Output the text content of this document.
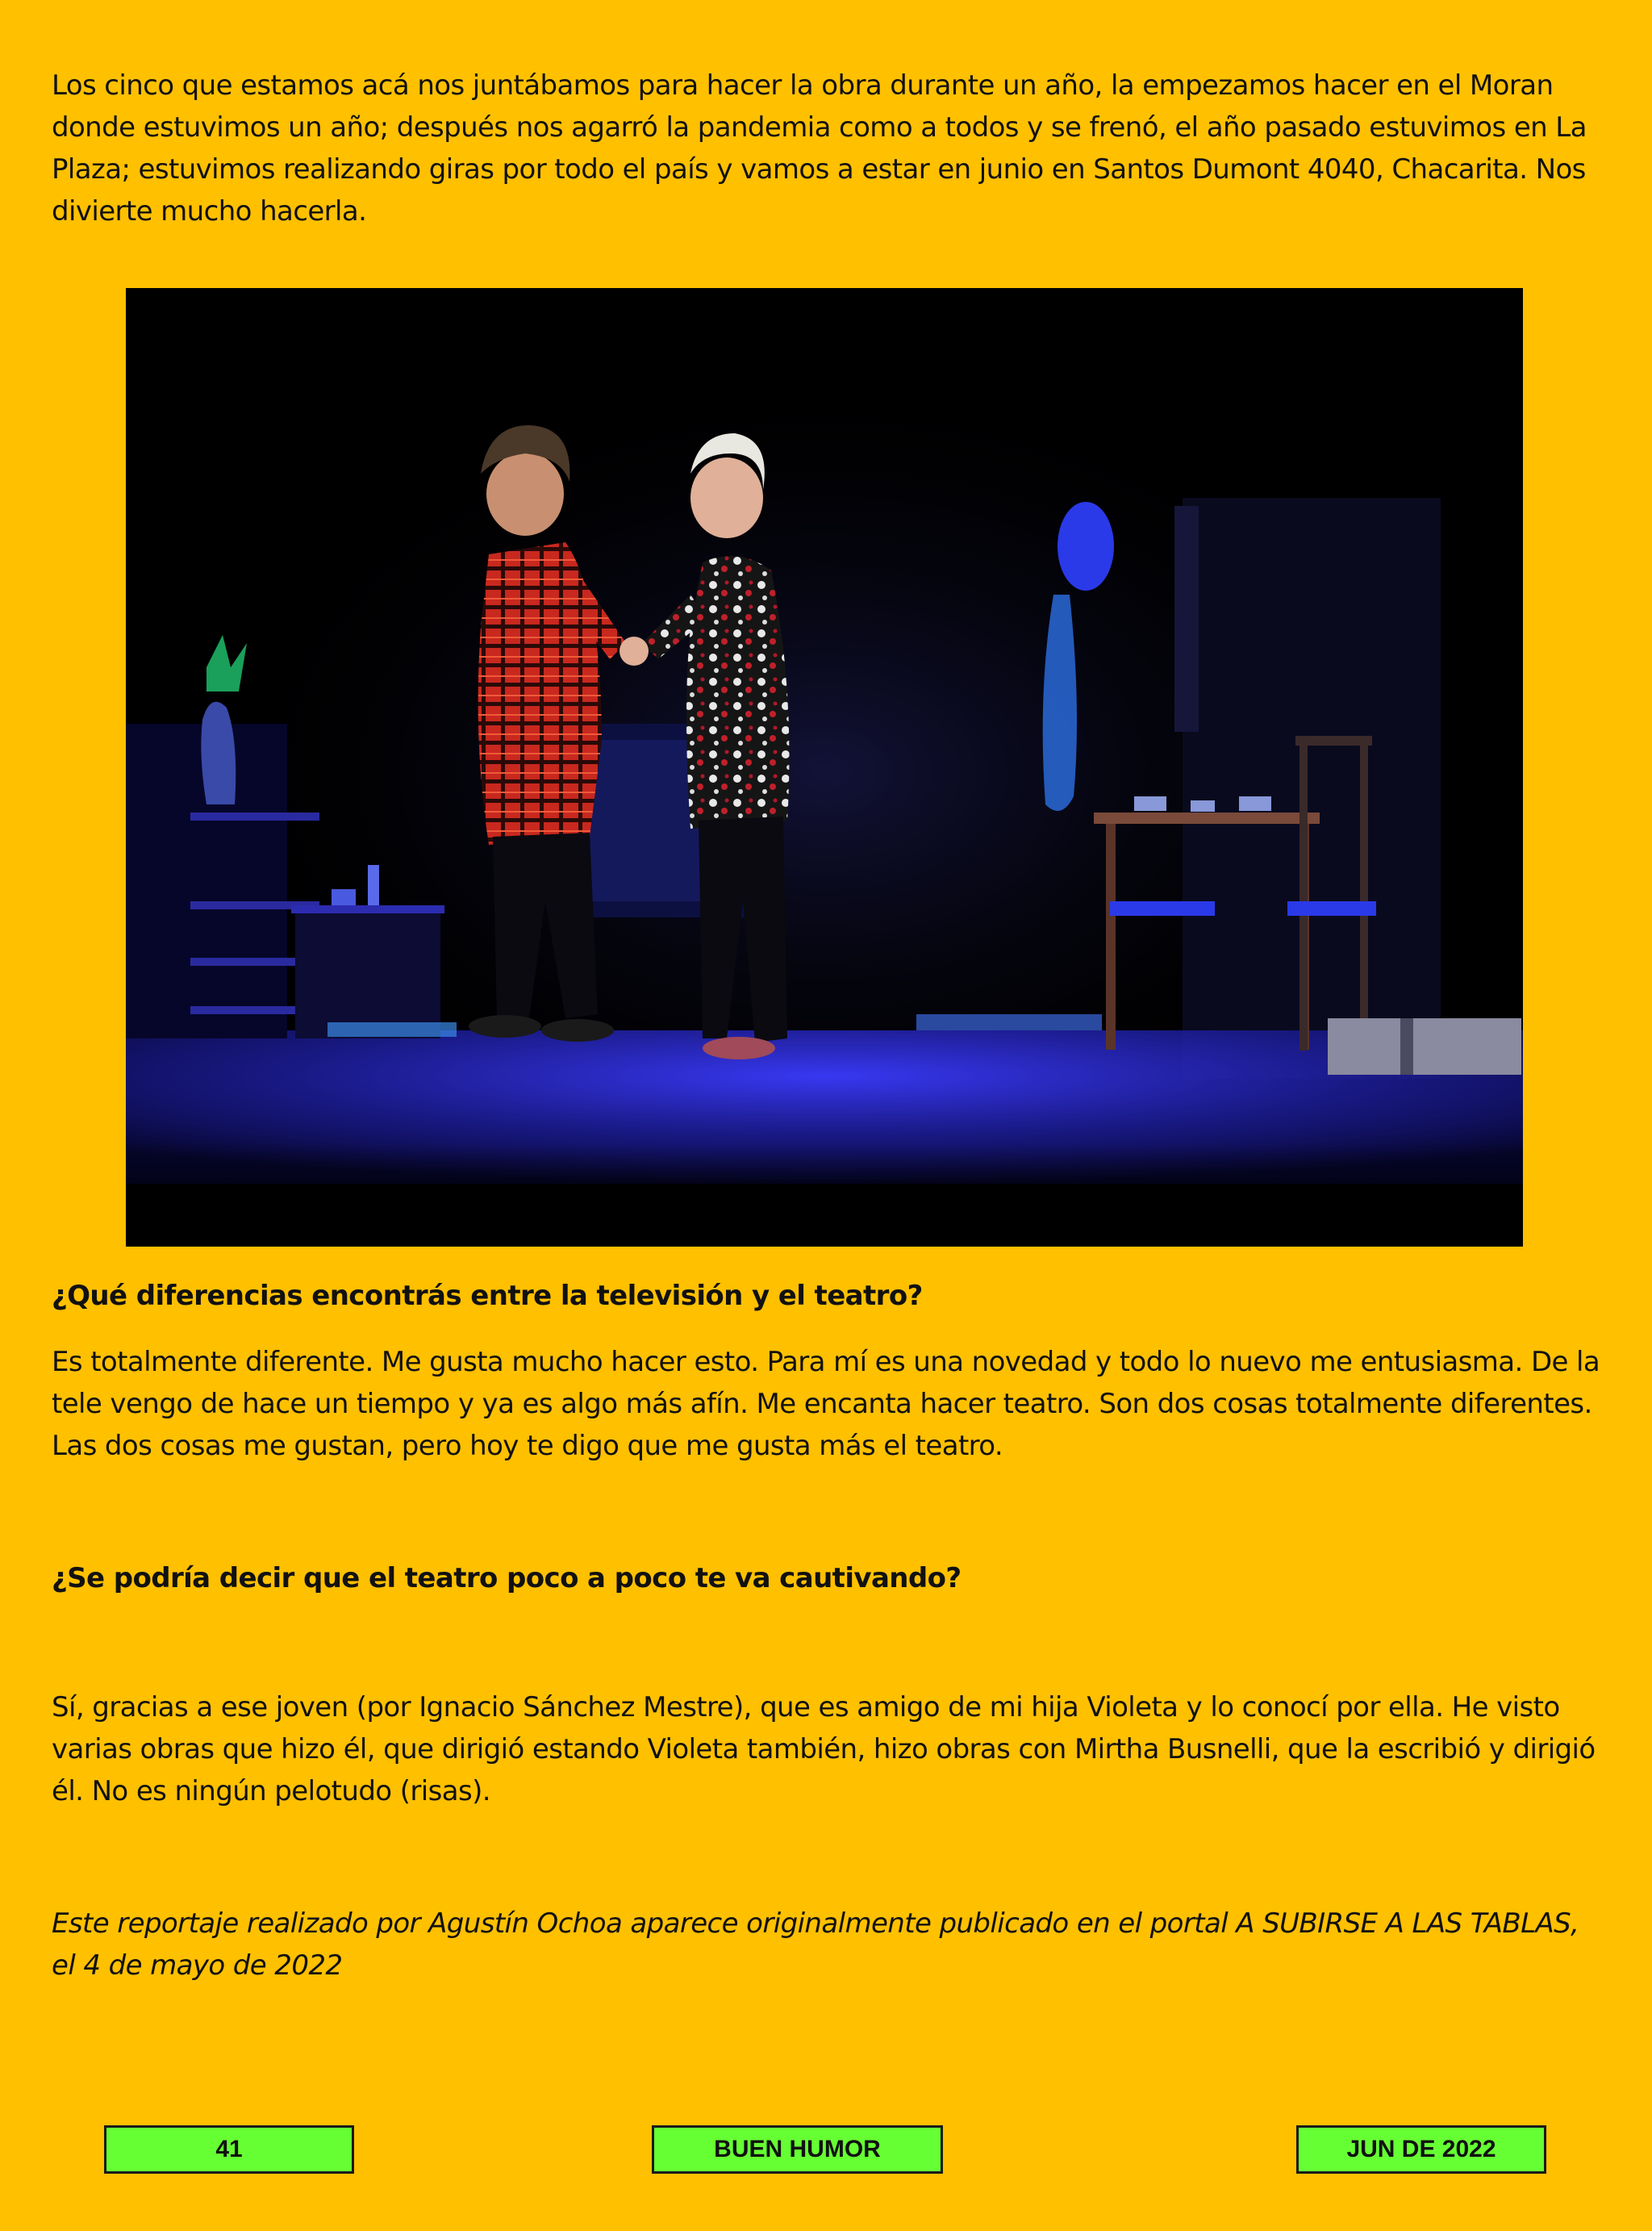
Los cinco que estamos acá nos juntábamos para hacer la obra durante un año, la empezamos hacer en el Moran donde estuvimos un año; después nos agarró la pandemia como a todos y se frenó, el año pasado estuvimos en La Plaza; estuvimos realizando giras por todo el país y vamos a estar en junio en Santos Dumont 4040, Chacarita. Nos divierte mucho hacerla.

¿Qué diferencias encontrás entre la televisión y el teatro?

Es totalmente diferente. Me gusta mucho hacer esto. Para mí es una novedad y todo lo nuevo me entusiasma. De la tele vengo de hace un tiempo y ya es algo más afín. Me encanta hacer teatro. Son dos cosas totalmente diferentes. Las dos cosas me gustan, pero hoy te digo que me gusta más el teatro.

¿Se podría decir que el teatro poco a poco te va cautivando?

Sí, gracias a ese joven (por Ignacio Sánchez Mestre), que es amigo de mi hija Violeta y lo conocí por ella. He visto varias obras que hizo él, que dirigió estando Violeta también, hizo obras con Mirtha Busnelli, que la escribió y dirigió él. No es ningún pelotudo (risas).

Este reportaje realizado por Agustín Ochoa aparece originalmente publicado en el portal A SUBIRSE A LAS TABLAS, el 4 de mayo de 2022

41	BUEN HUMOR	JUN DE 2022
